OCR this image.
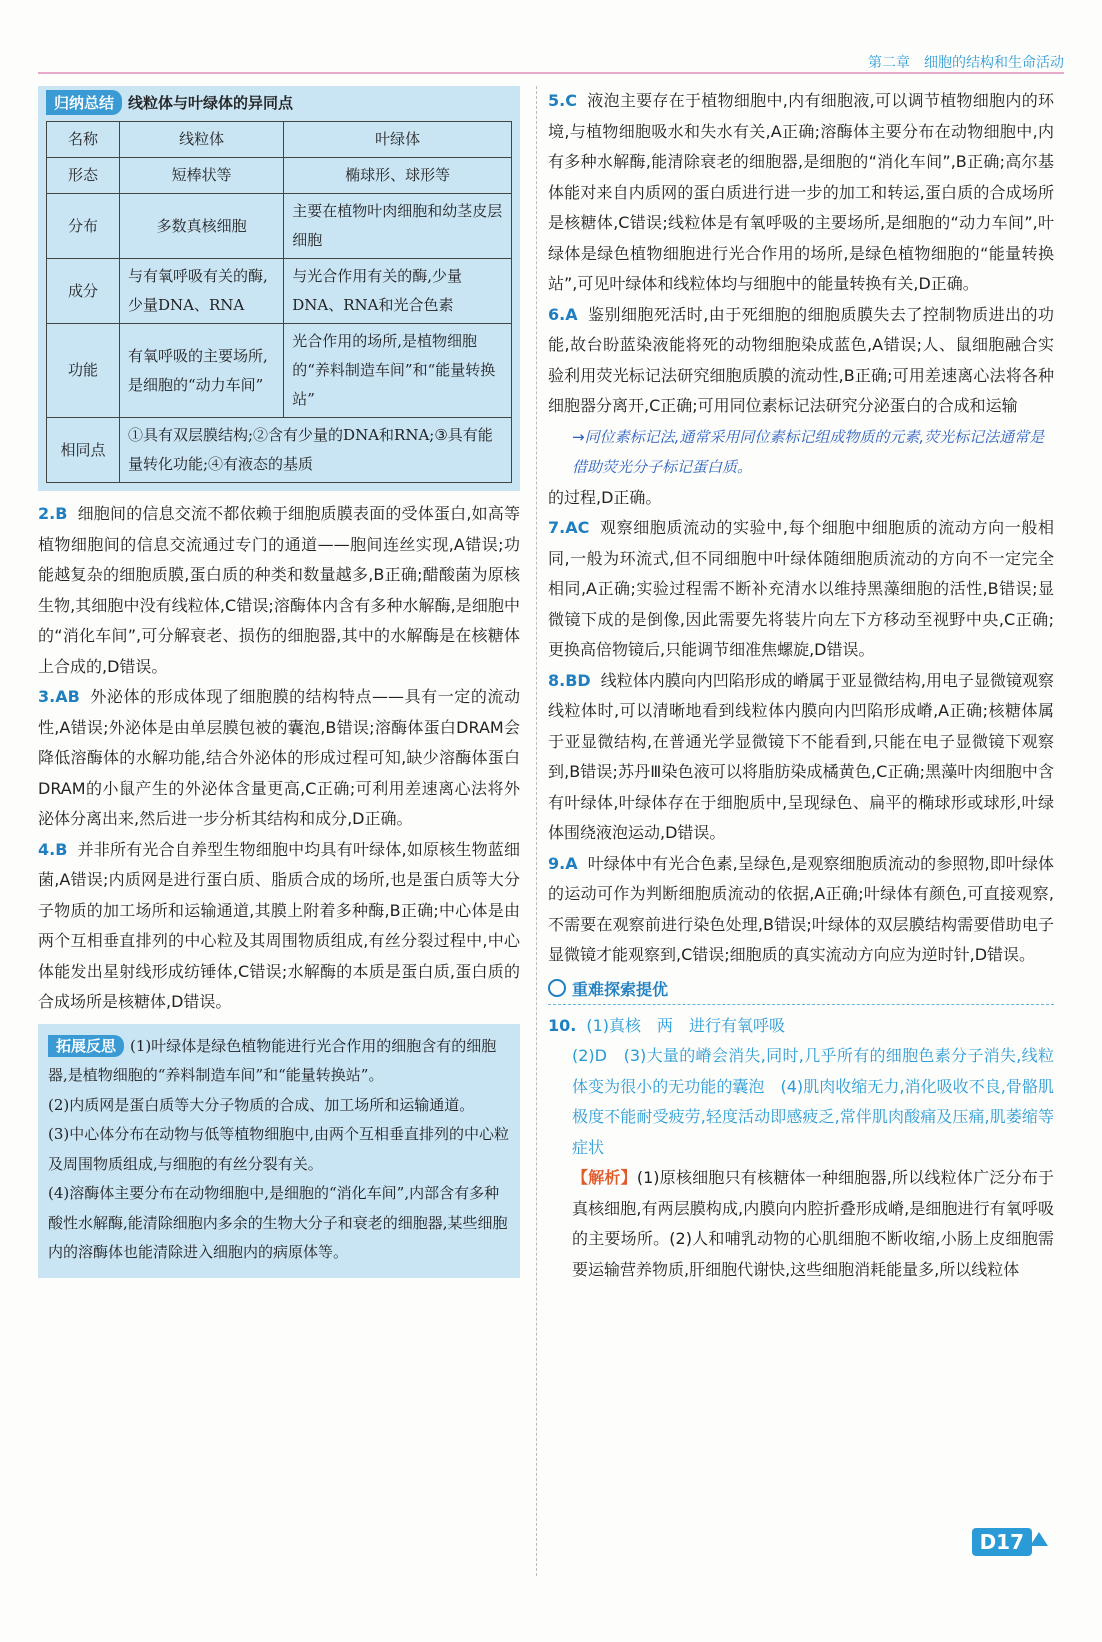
第二章　细胞的结构和生命活动
归纳总结 线粒体与叶绿体的异同点
名称	线粒体	叶绿体
形态	短棒状等	椭球形、球形等
分布	多数真核细胞	主要在植物叶肉细胞和幼茎皮层细胞
成分	与有氧呼吸有关的酶,少量DNA、RNA	与光合作用有关的酶,少量DNA、RNA和光合色素
功能	有氧呼吸的主要场所,是细胞的“动力车间”	光合作用的场所,是植物细胞的“养料制造车间”和“能量转换站”
相同点	①具有双层膜结构;②含有少量的DNA和RNA;③具有能量转化功能;④有液态的基质	

2.B 细胞间的信息交流不都依赖于细胞质膜表面的受体蛋白,如高等植物细胞间的信息交流通过专门的通道——胞间连丝实现,A错误;功能越复杂的细胞质膜,蛋白质的种类和数量越多,B正确;醋酸菌为原核生物,其细胞中没有线粒体,C错误;溶酶体内含有多种水解酶,是细胞中的“消化车间”,可分解衰老、损伤的细胞器,其中的水解酶是在核糖体上合成的,D错误。

3.AB 外泌体的形成体现了细胞膜的结构特点——具有一定的流动性,A错误;外泌体是由单层膜包被的囊泡,B错误;溶酶体蛋白DRAM会降低溶酶体的水解功能,结合外泌体的形成过程可知,缺少溶酶体蛋白DRAM的小鼠产生的外泌体含量更高,C正确;可利用差速离心法将外泌体分离出来,然后进一步分析其结构和成分,D正确。

4.B 并非所有光合自养型生物细胞中均具有叶绿体,如原核生物蓝细菌,A错误;内质网是进行蛋白质、脂质合成的场所,也是蛋白质等大分子物质的加工场所和运输通道,其膜上附着多种酶,B正确;中心体是由两个互相垂直排列的中心粒及其周围物质组成,有丝分裂过程中,中心体能发出星射线形成纺锤体,C错误;水解酶的本质是蛋白质,蛋白质的合成场所是核糖体,D错误。

拓展反思 (1)叶绿体是绿色植物能进行光合作用的细胞含有的细胞器,是植物细胞的“养料制造车间”和“能量转换站”。

(2)内质网是蛋白质等大分子物质的合成、加工场所和运输通道。

(3)中心体分布在动物与低等植物细胞中,由两个互相垂直排列的中心粒及周围物质组成,与细胞的有丝分裂有关。

(4)溶酶体主要分布在动物细胞中,是细胞的“消化车间”,内部含有多种酸性水解酶,能清除细胞内多余的生物大分子和衰老的细胞器,某些细胞内的溶酶体也能清除进入细胞内的病原体等。

5.C 液泡主要存在于植物细胞中,内有细胞液,可以调节植物细胞内的环境,与植物细胞吸水和失水有关,A正确;溶酶体主要分布在动物细胞中,内有多种水解酶,能清除衰老的细胞器,是细胞的“消化车间”,B正确;高尔基体能对来自内质网的蛋白质进行进一步的加工和转运,蛋白质的合成场所是核糖体,C错误;线粒体是有氧呼吸的主要场所,是细胞的“动力车间”,叶绿体是绿色植物细胞进行光合作用的场所,是绿色植物细胞的“能量转换站”,可见叶绿体和线粒体均与细胞中的能量转换有关,D正确。

6.A 鉴别细胞死活时,由于死细胞的细胞质膜失去了控制物质进出的功能,故台盼蓝染液能将死的动物细胞染成蓝色,A错误;人、鼠细胞融合实验利用荧光标记法研究细胞质膜的流动性,B正确;可用差速离心法将各种细胞器分离开,C正确;可用同位素标记法研究分泌蛋白的合成和运输

→同位素标记法,通常采用同位素标记组成物质的元素,荧光标记法通常是借助荧光分子标记蛋白质。

的过程,D正确。

7.AC 观察细胞质流动的实验中,每个细胞中细胞质的流动方向一般相同,一般为环流式,但不同细胞中叶绿体随细胞质流动的方向不一定完全相同,A正确;实验过程需不断补充清水以维持黑藻细胞的活性,B错误;显微镜下成的是倒像,因此需要先将装片向左下方移动至视野中央,C正确;更换高倍物镜后,只能调节细准焦螺旋,D错误。

8.BD 线粒体内膜向内凹陷形成的嵴属于亚显微结构,用电子显微镜观察线粒体时,可以清晰地看到线粒体内膜向内凹陷形成嵴,A正确;核糖体属于亚显微结构,在普通光学显微镜下不能看到,只能在电子显微镜下观察到,B错误;苏丹Ⅲ染色液可以将脂肪染成橘黄色,C正确;黑藻叶肉细胞中含有叶绿体,叶绿体存在于细胞质中,呈现绿色、扁平的椭球形或球形,叶绿体围绕液泡运动,D错误。

9.A 叶绿体中有光合色素,呈绿色,是观察细胞质流动的参照物,即叶绿体的运动可作为判断细胞质流动的依据,A正确;叶绿体有颜色,可直接观察,不需要在观察前进行染色处理,B错误;叶绿体的双层膜结构需要借助电子显微镜才能观察到,C错误;细胞质的真实流动方向应为逆时针,D错误。

重难探索提优

10. (1)真核　两　进行有氧呼吸

(2)D　(3)大量的嵴会消失,同时,几乎所有的细胞色素分子消失,线粒体变为很小的无功能的囊泡　(4)肌肉收缩无力,消化吸收不良,骨骼肌极度不能耐受疲劳,轻度活动即感疲乏,常伴肌肉酸痛及压痛,肌萎缩等症状

【解析】(1)原核细胞只有核糖体一种细胞器,所以线粒体广泛分布于真核细胞,有两层膜构成,内膜向内腔折叠形成嵴,是细胞进行有氧呼吸的主要场所。(2)人和哺乳动物的心肌细胞不断收缩,小肠上皮细胞需要运输营养物质,肝细胞代谢快,这些细胞消耗能量多,所以线粒体

D17
